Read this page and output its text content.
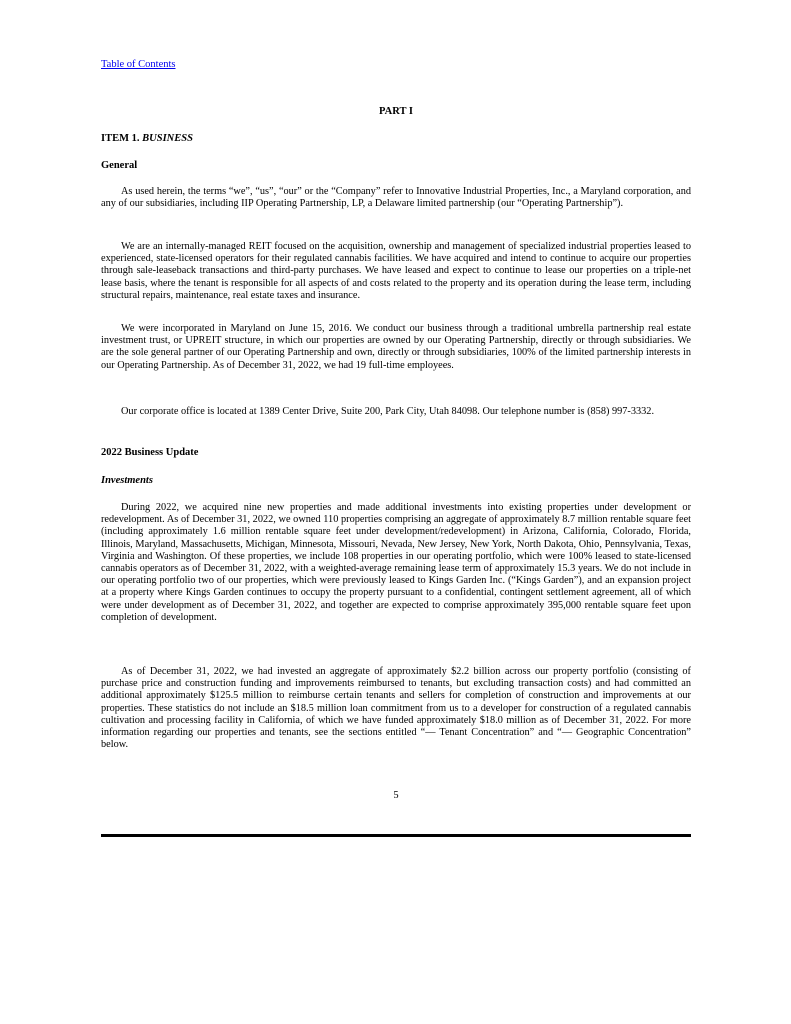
Table of Contents
PART I
ITEM 1. BUSINESS
General
As used herein, the terms “we”, “us”, “our” or the “Company” refer to Innovative Industrial Properties, Inc., a Maryland corporation, and any of our subsidiaries, including IIP Operating Partnership, LP, a Delaware limited partnership (our “Operating Partnership”).
We are an internally-managed REIT focused on the acquisition, ownership and management of specialized industrial properties leased to experienced, state-licensed operators for their regulated cannabis facilities. We have acquired and intend to continue to acquire our properties through sale-leaseback transactions and third-party purchases. We have leased and expect to continue to lease our properties on a triple-net lease basis, where the tenant is responsible for all aspects of and costs related to the property and its operation during the lease term, including structural repairs, maintenance, real estate taxes and insurance.
We were incorporated in Maryland on June 15, 2016. We conduct our business through a traditional umbrella partnership real estate investment trust, or UPREIT structure, in which our properties are owned by our Operating Partnership, directly or through subsidiaries. We are the sole general partner of our Operating Partnership and own, directly or through subsidiaries, 100% of the limited partnership interests in our Operating Partnership. As of December 31, 2022, we had 19 full-time employees.
Our corporate office is located at 1389 Center Drive, Suite 200, Park City, Utah 84098. Our telephone number is (858) 997-3332.
2022 Business Update
Investments
During 2022, we acquired nine new properties and made additional investments into existing properties under development or redevelopment. As of December 31, 2022, we owned 110 properties comprising an aggregate of approximately 8.7 million rentable square feet (including approximately 1.6 million rentable square feet under development/redevelopment) in Arizona, California, Colorado, Florida, Illinois, Maryland, Massachusetts, Michigan, Minnesota, Missouri, Nevada, New Jersey, New York, North Dakota, Ohio, Pennsylvania, Texas, Virginia and Washington. Of these properties, we include 108 properties in our operating portfolio, which were 100% leased to state-licensed cannabis operators as of December 31, 2022, with a weighted-average remaining lease term of approximately 15.3 years. We do not include in our operating portfolio two of our properties, which were previously leased to Kings Garden Inc. (“Kings Garden”), and an expansion project at a property where Kings Garden continues to occupy the property pursuant to a confidential, contingent settlement agreement, all of which were under development as of December 31, 2022, and together are expected to comprise approximately 395,000 rentable square feet upon completion of development.
As of December 31, 2022, we had invested an aggregate of approximately $2.2 billion across our property portfolio (consisting of purchase price and construction funding and improvements reimbursed to tenants, but excluding transaction costs) and had committed an additional approximately $125.5 million to reimburse certain tenants and sellers for completion of construction and improvements at our properties. These statistics do not include an $18.5 million loan commitment from us to a developer for construction of a regulated cannabis cultivation and processing facility in California, of which we have funded approximately $18.0 million as of December 31, 2022. For more information regarding our properties and tenants, see the sections entitled “— Tenant Concentration” and “— Geographic Concentration” below.
5
